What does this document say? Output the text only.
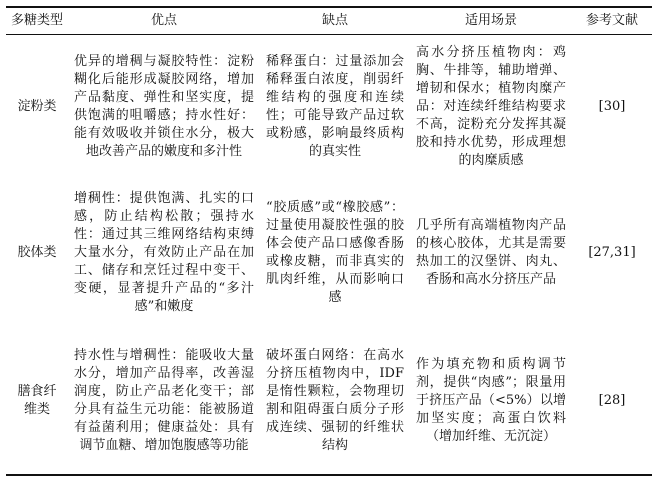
多糖类型	优点	缺点	适用场景	参考文献
淀粉类	优异的增稠与凝胶特性：淀粉糊化后能形成凝胶网络，增加产品黏度、弹性和坚实度，提供饱满的咀嚼感；持水性好：能有效吸收并锁住水分，极大地改善产品的嫩度和多汁性	稀释蛋白：过量添加会稀释蛋白浓度，削弱纤维结构的强度和连续性；可能导致产品过软或粉感，影响最终质构的真实性	高水分挤压植物肉：鸡胸、牛排等，辅助增弹、增韧和保水；植物肉糜产品：对连续纤维结构要求不高，淀粉充分发挥其凝胶和持水优势，形成理想的肉糜质感	[30]
胶体类	增稠性：提供饱满、扎实的口感，防止结构松散；强持水性：通过其三维网络结构束缚大量水分，有效防止产品在加工、储存和烹饪过程中变干、变硬，显著提升产品的“多汁感”和嫩度	“胶质感”或“橡胶感”：过量使用凝胶性强的胶体会使产品口感像香肠或橡皮糖，而非真实的肌肉纤维，从而影响口感	几乎所有高端植物肉产品的核心胶体，尤其是需要热加工的汉堡饼、肉丸、香肠和高水分挤压产品	[27,31]
膳食纤维类	持水性与增稠性：能吸收大量水分，增加产品得率，改善湿润度，防止产品老化变干；部分具有益生元功能：能被肠道有益菌利用；健康益处：具有调节血糖、增加饱腹感等功能	破坏蛋白网络：在高水分挤压植物肉中，IDF是惰性颗粒，会物理切割和阻碍蛋白质分子形成连续、强韧的纤维状结构	作为填充物和质构调节剂，提供“肉感”；限量用于挤压产品（<5%）以增加坚实度；高蛋白饮料（增加纤维、无沉淀）	[28]
